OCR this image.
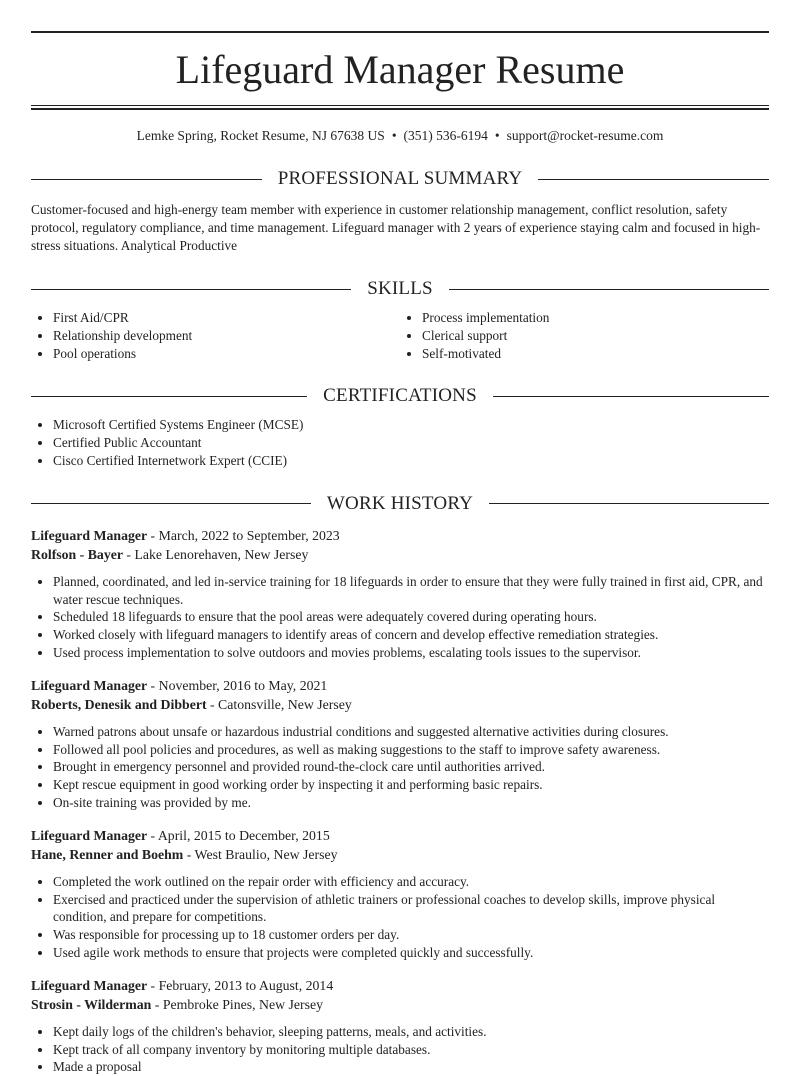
Lifeguard Manager Resume
Lemke Spring, Rocket Resume, NJ 67638 US • (351) 536-6194 • support@rocket-resume.com
PROFESSIONAL SUMMARY

Customer-focused and high-energy team member with experience in customer relationship management, conflict resolution, safety protocol, regulatory compliance, and time management. Lifeguard manager with 2 years of experience staying calm and focused in high-stress situations. Analytical Productive

SKILLS
• First Aid/CPR
• Relationship development
• Pool operations
• Process implementation
• Clerical support
• Self-motivated
CERTIFICATIONS
• Microsoft Certified Systems Engineer (MCSE)
• Certified Public Accountant
• Cisco Certified Internetwork Expert (CCIE)
WORK HISTORY
Lifeguard Manager - March, 2022 to September, 2023
Rolfson - Bayer - Lake Lenorehaven, New Jersey
• Planned, coordinated, and led in-service training for 18 lifeguards in order to ensure that they were fully trained in first aid, CPR, and water rescue techniques.
• Scheduled 18 lifeguards to ensure that the pool areas were adequately covered during operating hours.
• Worked closely with lifeguard managers to identify areas of concern and develop effective remediation strategies.
• Used process implementation to solve outdoors and movies problems, escalating tools issues to the supervisor.
Lifeguard Manager - November, 2016 to May, 2021
Roberts, Denesik and Dibbert - Catonsville, New Jersey
• Warned patrons about unsafe or hazardous industrial conditions and suggested alternative activities during closures.
• Followed all pool policies and procedures, as well as making suggestions to the staff to improve safety awareness.
• Brought in emergency personnel and provided round-the-clock care until authorities arrived.
• Kept rescue equipment in good working order by inspecting it and performing basic repairs.
• On-site training was provided by me.
Lifeguard Manager - April, 2015 to December, 2015
Hane, Renner and Boehm - West Braulio, New Jersey
• Completed the work outlined on the repair order with efficiency and accuracy.
• Exercised and practiced under the supervision of athletic trainers or professional coaches to develop skills, improve physical condition, and prepare for competitions.
• Was responsible for processing up to 18 customer orders per day.
• Used agile work methods to ensure that projects were completed quickly and successfully.
Lifeguard Manager - February, 2013 to August, 2014
Strosin - Wilderman - Pembroke Pines, New Jersey
• Kept daily logs of the children's behavior, sleeping patterns, meals, and activities.
• Kept track of all company inventory by monitoring multiple databases.
• Made a proposal
